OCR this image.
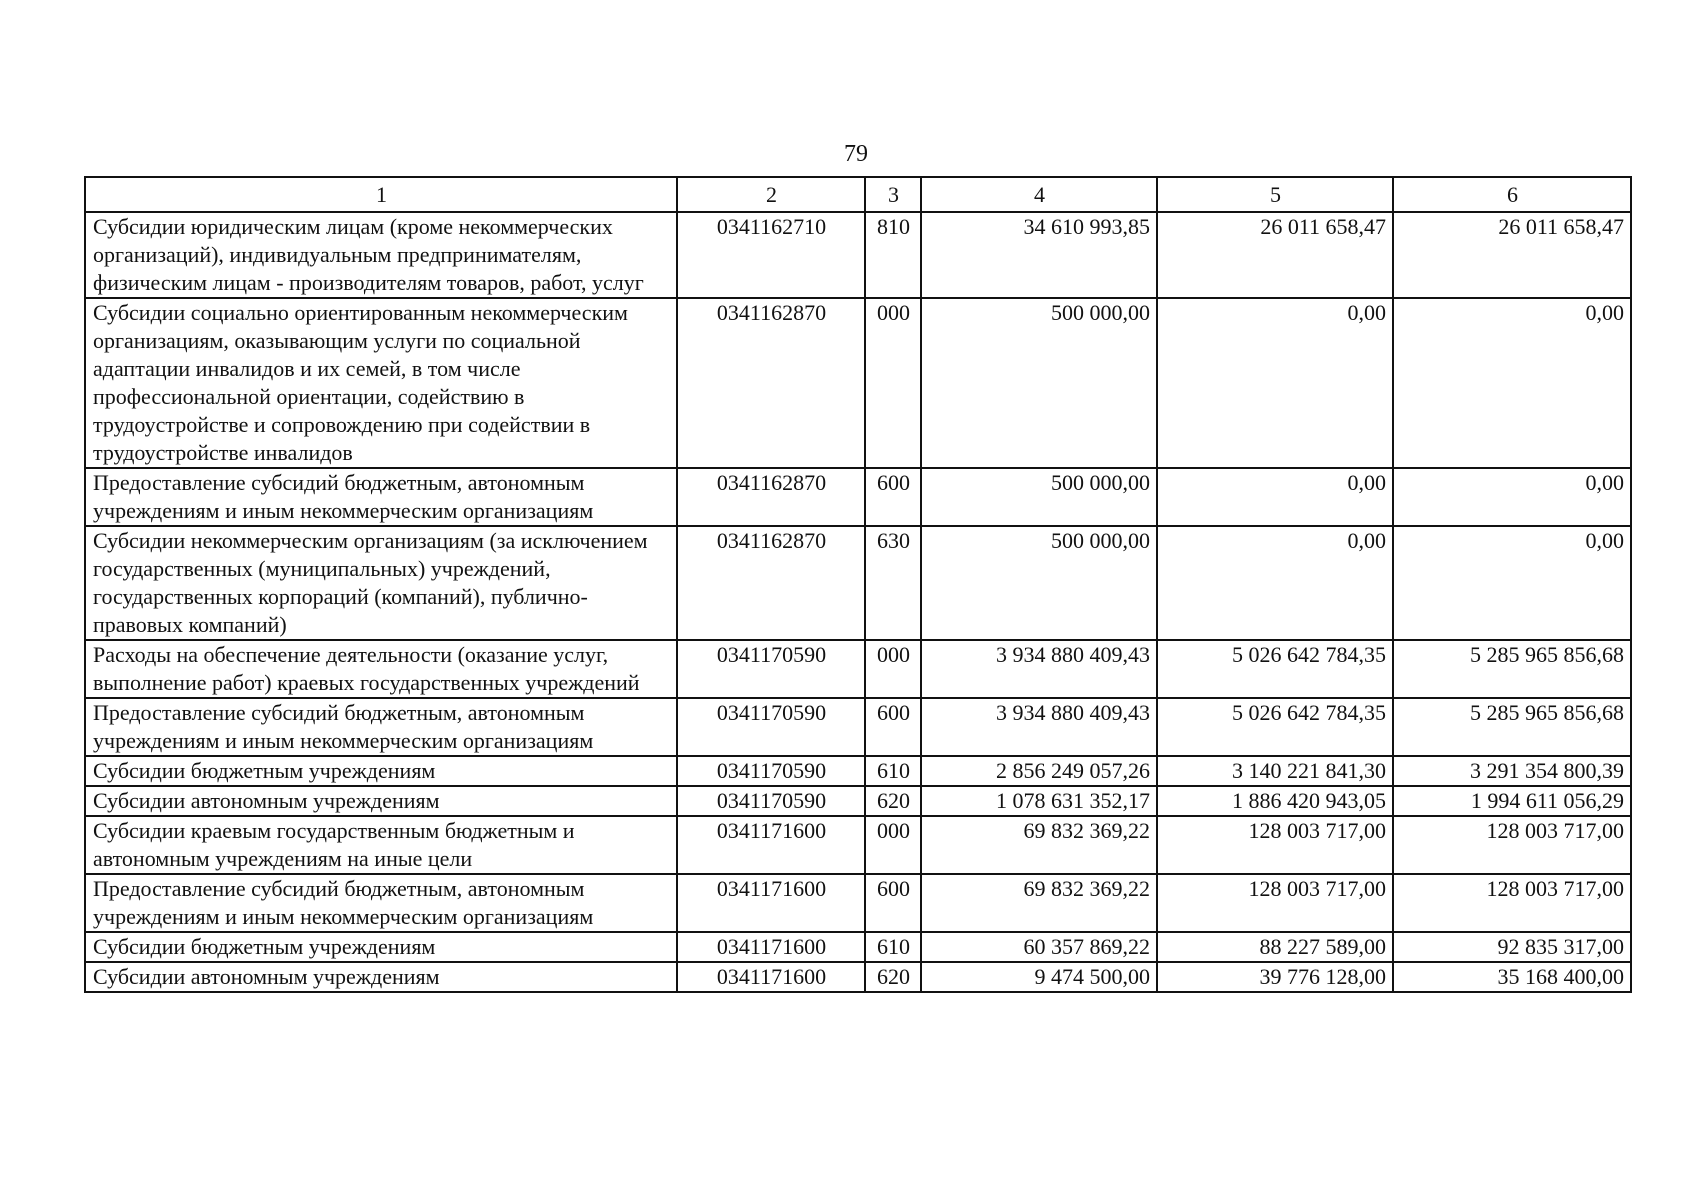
79
1	2	3	4	5	6
Субсидии юридическим лицам (кроме некоммерческих организаций), индивидуальным предпринимателям, физическим лицам - производителям товаров, работ, услуг	0341162710	810	34 610 993,85	26 011 658,47	26 011 658,47
Субсидии социально ориентированным некоммерческим организациям, оказывающим услуги по социальной адаптации инвалидов и их семей, в том числе профессиональной ориентации, содействию в трудоустройстве и сопровождению при содействии в трудоустройстве инвалидов	0341162870	000	500 000,00	0,00	0,00
Предоставление субсидий бюджетным, автономным учреждениям и иным некоммерческим организациям	0341162870	600	500 000,00	0,00	0,00
Субсидии некоммерческим организациям (за исключением государственных (муниципальных) учреждений, государственных корпораций (компаний), публично-правовых компаний)	0341162870	630	500 000,00	0,00	0,00
Расходы на обеспечение деятельности (оказание услуг, выполнение работ) краевых государственных учреждений	0341170590	000	3 934 880 409,43	5 026 642 784,35	5 285 965 856,68
Предоставление субсидий бюджетным, автономным учреждениям и иным некоммерческим организациям	0341170590	600	3 934 880 409,43	5 026 642 784,35	5 285 965 856,68
Субсидии бюджетным учреждениям	0341170590	610	2 856 249 057,26	3 140 221 841,30	3 291 354 800,39
Субсидии автономным учреждениям	0341170590	620	1 078 631 352,17	1 886 420 943,05	1 994 611 056,29
Субсидии краевым государственным бюджетным и автономным учреждениям на иные цели	0341171600	000	69 832 369,22	128 003 717,00	128 003 717,00
Предоставление субсидий бюджетным, автономным учреждениям и иным некоммерческим организациям	0341171600	600	69 832 369,22	128 003 717,00	128 003 717,00
Субсидии бюджетным учреждениям	0341171600	610	60 357 869,22	88 227 589,00	92 835 317,00
Субсидии автономным учреждениям	0341171600	620	9 474 500,00	39 776 128,00	35 168 400,00
